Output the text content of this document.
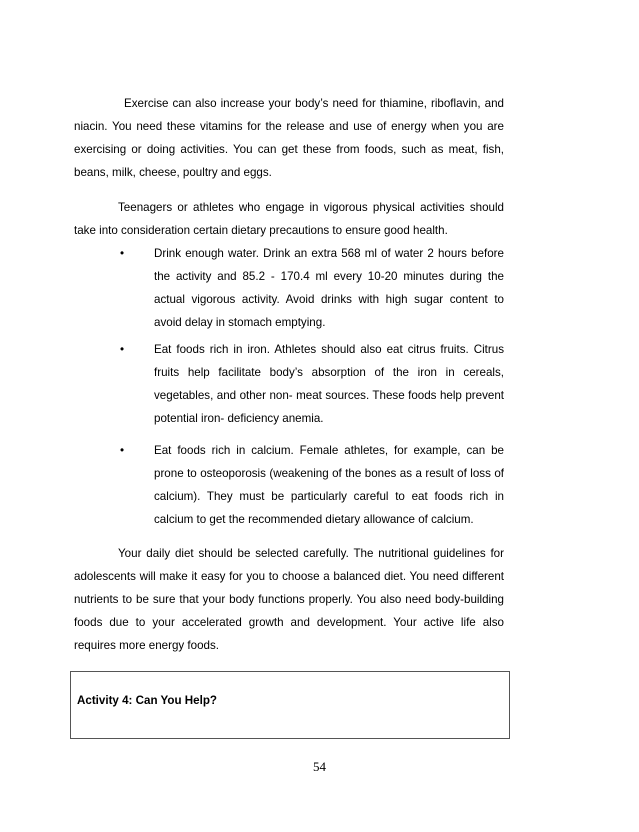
Exercise can also increase your body’s need for thiamine, riboflavin, and niacin. You need these vitamins for the release and use of energy when you are exercising or doing activities. You can get these from foods, such as meat, fish, beans, milk, cheese, poultry and eggs.

Teenagers or athletes who engage in vigorous physical activities should take into consideration certain dietary precautions to ensure good health.

•	Drink enough water. Drink an extra 568 ml of water 2 hours before the activity and 85.2 - 170.4 ml every 10-20 minutes during the actual vigorous activity. Avoid drinks with high sugar content to avoid delay in stomach emptying.

•	Eat foods rich in iron. Athletes should also eat citrus fruits. Citrus fruits help facilitate body’s absorption of the iron in cereals, vegetables, and other non- meat sources. These foods help prevent potential iron- deficiency anemia.

•	Eat foods rich in calcium. Female athletes, for example, can be prone to osteoporosis (weakening of the bones as a result of loss of calcium). They must be particularly careful to eat foods rich in calcium to get the recommended dietary allowance of calcium.

Your daily diet should be selected carefully. The nutritional guidelines for adolescents will make it easy for you to choose a balanced diet. You need different nutrients to be sure that your body functions properly. You also need body-building foods due to your accelerated growth and development. Your active life also requires more energy foods.

Activity 4: Can You Help?
54
